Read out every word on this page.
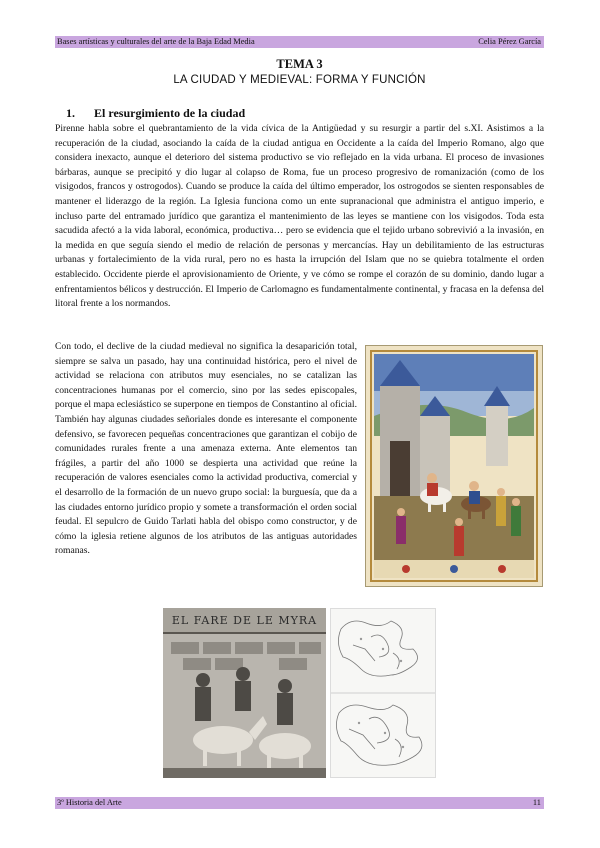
Bases artísticas y culturales del arte de la Baja Edad Media	Celia Pérez García
TEMA 3
LA CIUDAD Y MEDIEVAL: FORMA Y FUNCIÓN
1. El resurgimiento de la ciudad

Pirenne habla sobre el quebrantamiento de la vida cívica de la Antigüedad y su resurgir a partir del s.XI. Asistimos a la recuperación de la ciudad, asociando la caída de la ciudad antigua en Occidente a la caída del Imperio Romano, algo que considera inexacto, aunque el deterioro del sistema productivo se vio reflejado en la vida urbana. El proceso de invasiones bárbaras, aunque se precipitó y dio lugar al colapso de Roma, fue un proceso progresivo de romanización (como de los visigodos, francos y ostrogodos). Cuando se produce la caída del último emperador, los ostrogodos se sienten responsables de mantener el liderazgo de la región. La Iglesia funciona como un ente supranacional que administra el antiguo imperio, e incluso parte del entramado jurídico que garantiza el mantenimiento de las leyes se mantiene con los visigodos. Toda esta sacudida afectó a la vida laboral, económica, productiva… pero se evidencia que el tejido urbano sobrevivió a la invasión, en la medida en que seguía siendo el medio de relación de personas y mercancías. Hay un debilitamiento de las estructuras urbanas y fortalecimiento de la vida rural, pero no es hasta la irrupción del Islam que no se quiebra totalmente el orden establecido. Occidente pierde el aprovisionamiento de Oriente, y ve cómo se rompe el corazón de su dominio, dando lugar a enfrentamientos bélicos y destrucción. El Imperio de Carlomagno es fundamentalmente continental, y fracasa en la defensa del litoral frente a los normandos.

Con todo, el declive de la ciudad medieval no significa la desaparición total, siempre se salva un pasado, hay una continuidad histórica, pero el nivel de actividad se relaciona con atributos muy esenciales, no se catalizan las concentraciones humanas por el comercio, sino por las sedes episcopales, porque el mapa eclesiástico se superpone en tiempos de Constantino al oficial. También hay algunas ciudades señoriales donde es interesante el componente defensivo, se favorecen pequeñas concentraciones que garantizan el cobijo de comunidades rurales frente a una amenaza externa. Ante elementos tan frágiles, a partir del año 1000 se despierta una actividad que reúne la recuperación de valores esenciales como la actividad productiva, comercial y el desarrollo de la formación de un nuevo grupo social: la burguesía, que da a las ciudades entorno jurídico propio y somete a transformación el orden social feudal. El sepulcro de Guido Tarlati habla del obispo como constructor, y de cómo la iglesia retiene algunos de los atributos de las antiguas autoridades romanas.

EL FARE DE LE MYRA
3º Historia del Arte	11
